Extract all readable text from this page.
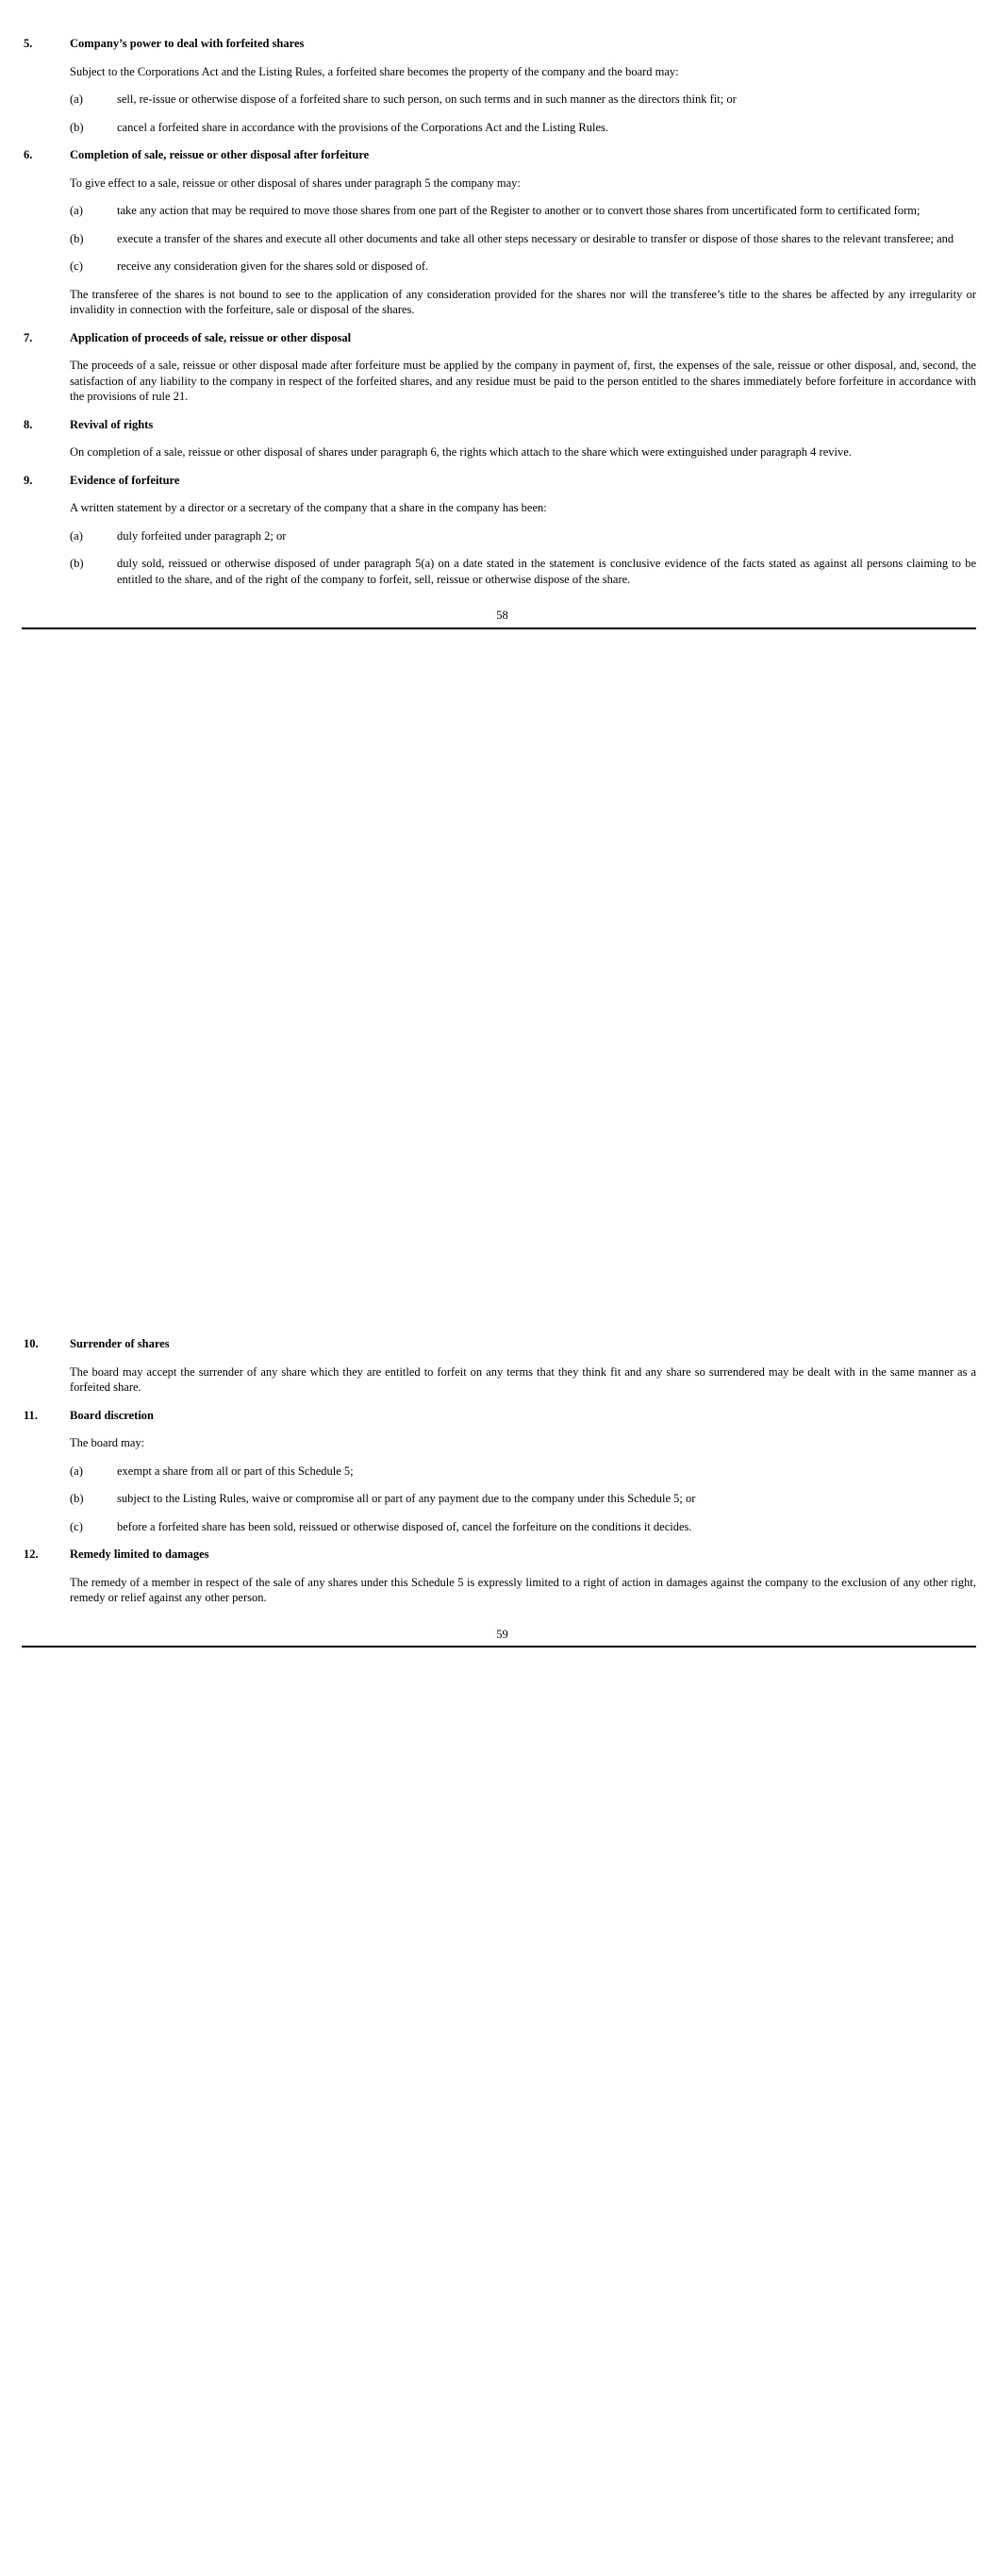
5.	Company’s power to deal with forfeited shares

Subject to the Corporations Act and the Listing Rules, a forfeited share becomes the property of the company and the board may:

(a)	sell, re-issue or otherwise dispose of a forfeited share to such person, on such terms and in such manner as the directors think fit; or
(b)	cancel a forfeited share in accordance with the provisions of the Corporations Act and the Listing Rules.
6.	Completion of sale, reissue or other disposal after forfeiture

To give effect to a sale, reissue or other disposal of shares under paragraph 5 the company may:

(a)	take any action that may be required to move those shares from one part of the Register to another or to convert those shares from uncertificated form to certificated form;
(b)	execute a transfer of the shares and execute all other documents and take all other steps necessary or desirable to transfer or dispose of those shares to the relevant transferee; and
(c)	receive any consideration given for the shares sold or disposed of.

The transferee of the shares is not bound to see to the application of any consideration provided for the shares nor will the transferee’s title to the shares be affected by any irregularity or invalidity in connection with the forfeiture, sale or disposal of the shares.

7.	Application of proceeds of sale, reissue or other disposal

The proceeds of a sale, reissue or other disposal made after forfeiture must be applied by the company in payment of, first, the expenses of the sale, reissue or other disposal, and, second, the satisfaction of any liability to the company in respect of the forfeited shares, and any residue must be paid to the person entitled to the shares immediately before forfeiture in accordance with the provisions of rule 21.

8.	Revival of rights

On completion of a sale, reissue or other disposal of shares under paragraph 6, the rights which attach to the share which were extinguished under paragraph 4 revive.

9.	Evidence of forfeiture

A written statement by a director or a secretary of the company that a share in the company has been:

(a)	duly forfeited under paragraph 2; or
(b)	duly sold, reissued or otherwise disposed of under paragraph 5(a) on a date stated in the statement is conclusive evidence of the facts stated as against all persons claiming to be entitled to the share, and of the right of the company to forfeit, sell, reissue or otherwise dispose of the share.
58
10.	Surrender of shares

The board may accept the surrender of any share which they are entitled to forfeit on any terms that they think fit and any share so surrendered may be dealt with in the same manner as a forfeited share.

11.	Board discretion

The board may:

(a)	exempt a share from all or part of this Schedule 5;
(b)	subject to the Listing Rules, waive or compromise all or part of any payment due to the company under this Schedule 5; or
(c)	before a forfeited share has been sold, reissued or otherwise disposed of, cancel the forfeiture on the conditions it decides.
12.	Remedy limited to damages

The remedy of a member in respect of the sale of any shares under this Schedule 5 is expressly limited to a right of action in damages against the company to the exclusion of any other right, remedy or relief against any other person.

59
